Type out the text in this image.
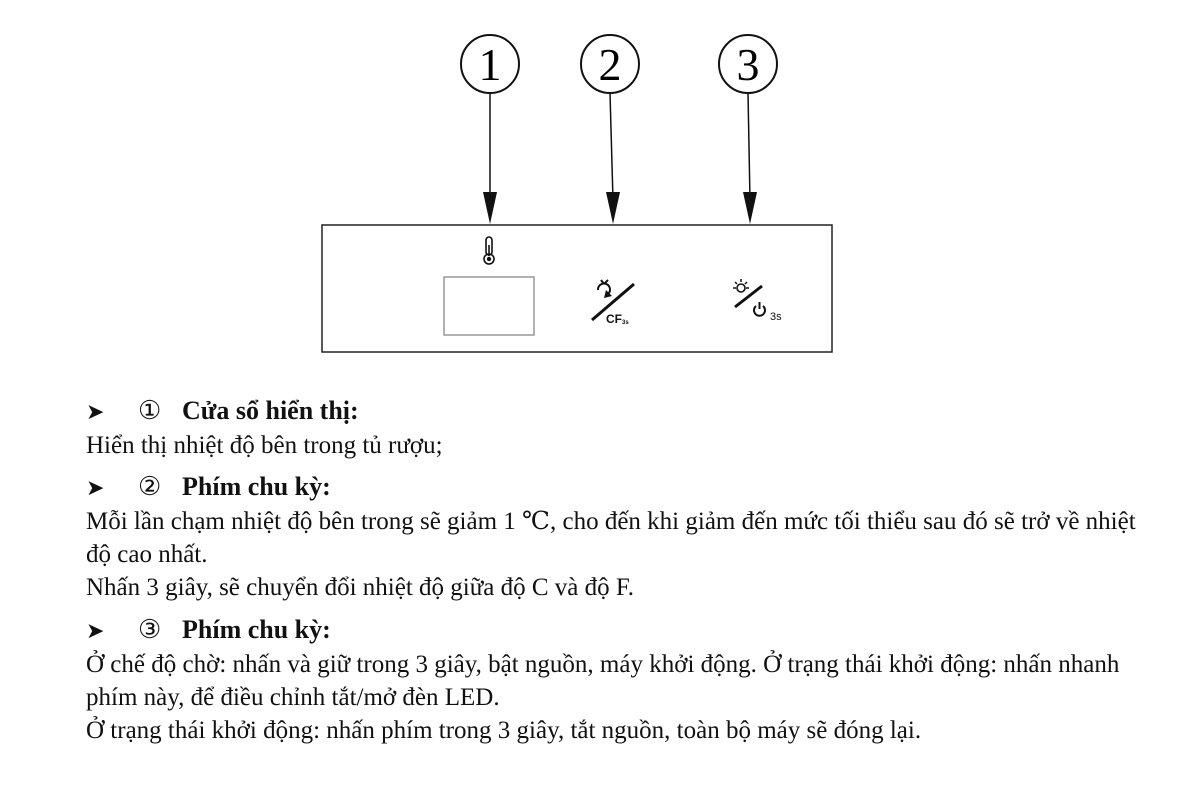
1 2	3
CF3s	3s
➤ ① Cửa sổ hiển thị:
Hiển thị nhiệt độ bên trong tủ rượu;
➤ ② Phím chu kỳ:
Mỗi lần chạm nhiệt độ bên trong sẽ giảm 1 ℃, cho đến khi giảm đến mức tối thiểu sau đó sẽ trở về nhiệt độ cao nhất.
Nhấn 3 giây, sẽ chuyển đổi nhiệt độ giữa độ C và độ F.
➤ ③ Phím chu kỳ:
Ở chế độ chờ: nhấn và giữ trong 3 giây, bật nguồn, máy khởi động. Ở trạng thái khởi động: nhấn nhanh phím này, để điều chỉnh tắt/mở đèn LED.
Ở trạng thái khởi động: nhấn phím trong 3 giây, tắt nguồn, toàn bộ máy sẽ đóng lại.
